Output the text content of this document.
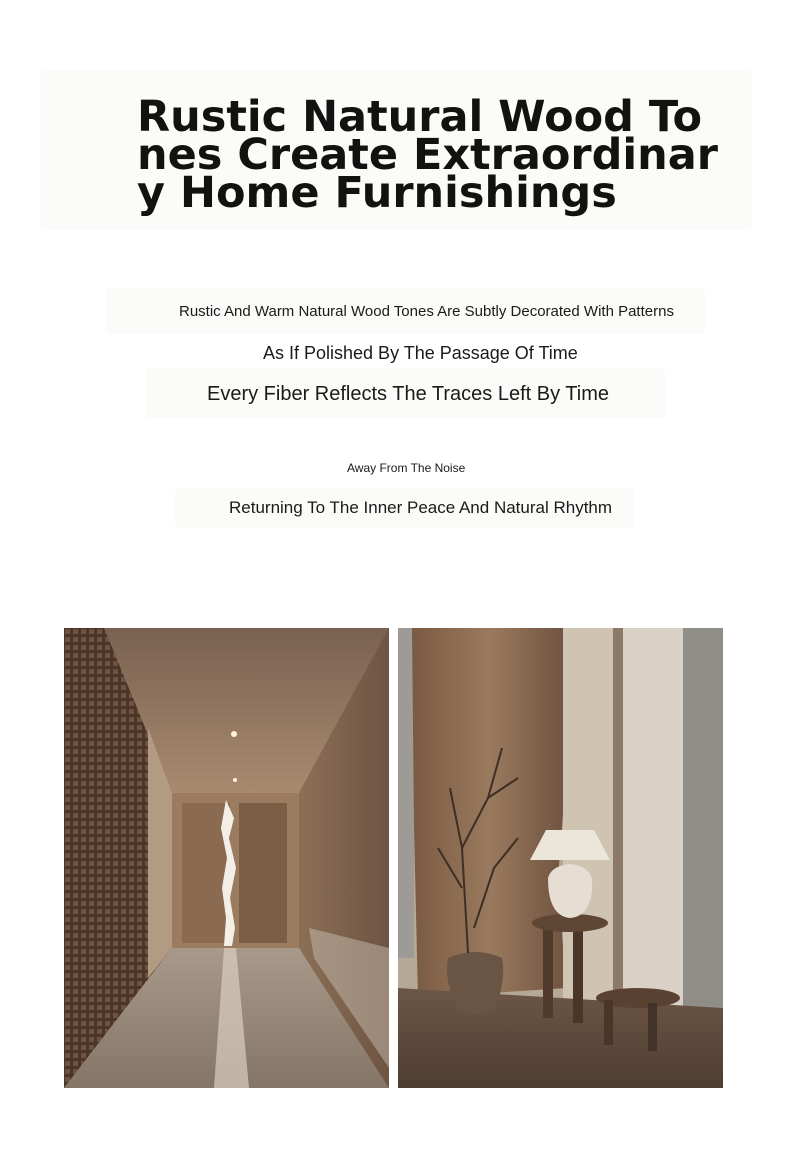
Rustic Natural Wood To
nes Create Extraordinar
y Home Furnishings

Rustic And Warm Natural Wood Tones Are Subtly Decorated With Patterns

As If Polished By The Passage Of Time

Every Fiber Reflects The Traces Left By Time

Away From The Noise

Returning To The Inner Peace And Natural Rhythm
